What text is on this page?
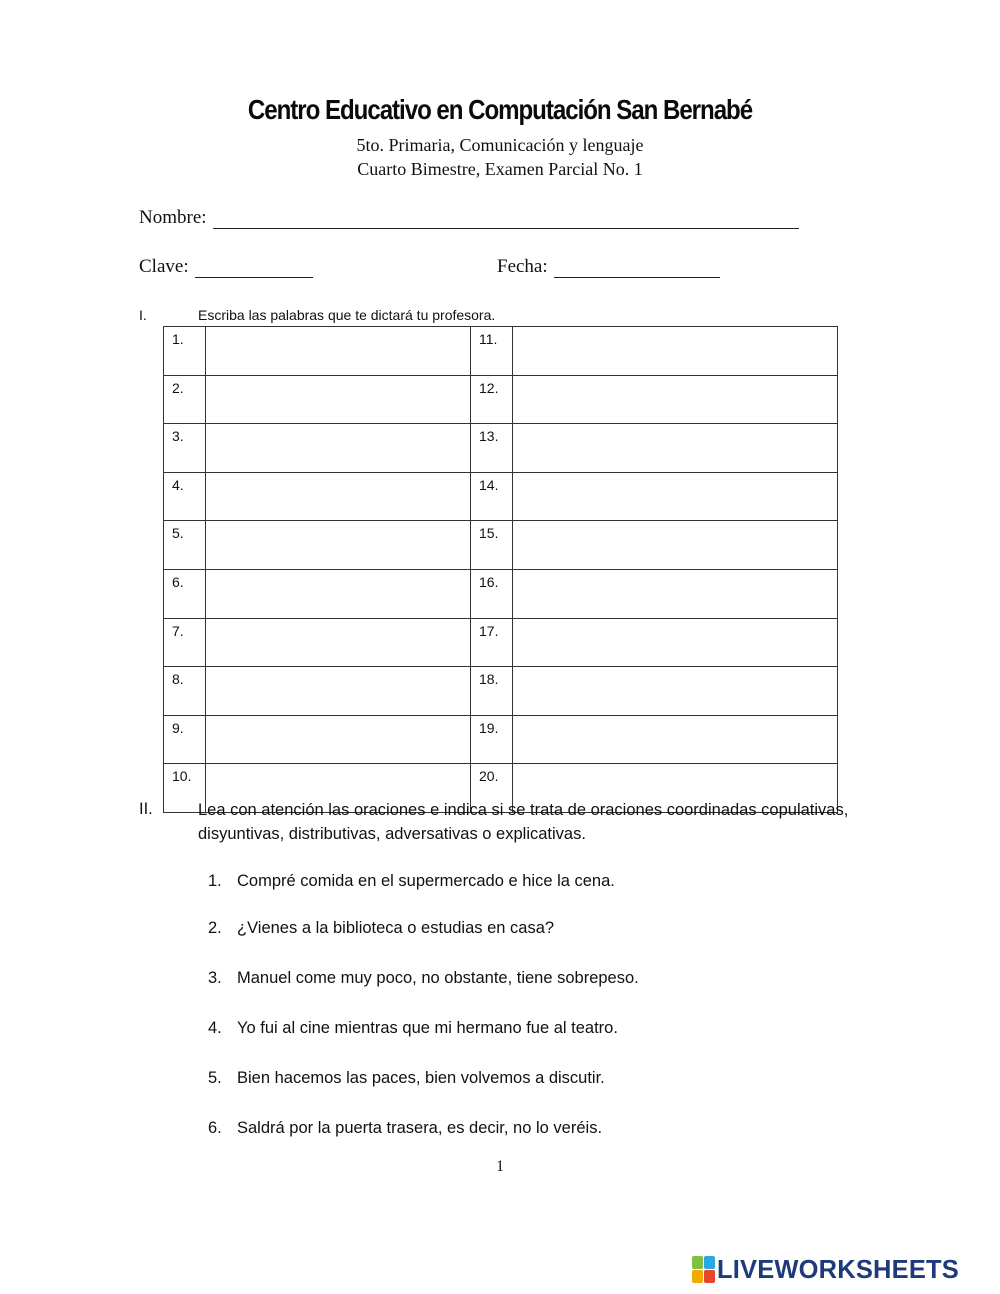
Centro Educativo en Computación San Bernabé
5to. Primaria, Comunicación y lenguaje
Cuarto Bimestre, Examen Parcial No. 1
Nombre:
Clave:	Fecha:
I.	Escriba las palabras que te dictará tu profesora.
1.		11.	
2.		12.	
3.		13.	
4.		14.	
5.		15.	
6.		16.	
7.		17.	
8.		18.	
9.		19.	
10.		20.	
II.	Lea con atención las oraciones e indica si se trata de oraciones coordinadas copulativas, disyuntivas, distributivas, adversativas o explicativas.
1. Compré comida en el supermercado e hice la cena.
2. ¿Vienes a la biblioteca o estudias en casa?
3. Manuel come muy poco, no obstante, tiene sobrepeso.
4. Yo fui al cine mientras que mi hermano fue al teatro.
5. Bien hacemos las paces, bien volvemos a discutir.
6. Saldrá por la puerta trasera, es decir, no lo veréis.
1
LIVEWORKSHEETS
